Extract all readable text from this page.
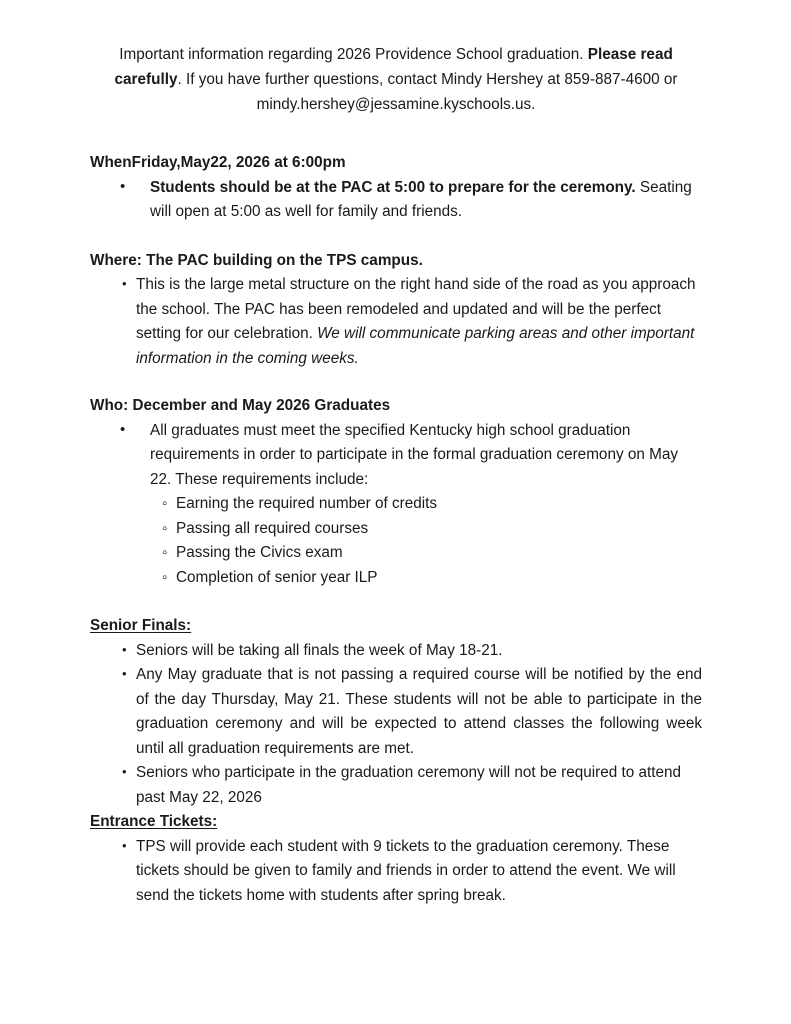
Important information regarding 2026 Providence School graduation. Please read carefully. If you have further questions, contact Mindy Hershey at 859-887-4600 or mindy.hershey@jessamine.kyschools.us.

WhenFriday,May22, 2026 at 6:00pm
• Students should be at the PAC at 5:00 to prepare for the ceremony. Seating will open at 5:00 as well for family and friends.
Where: The PAC building on the TPS campus.
• This is the large metal structure on the right hand side of the road as you approach the school. The PAC has been remodeled and updated and will be the perfect setting for our celebration. We will communicate parking areas and other important information in the coming weeks.
Who: December and May 2026 Graduates
• All graduates must meet the specified Kentucky high school graduation requirements in order to participate in the formal graduation ceremony on May 22. These requirements include:
◦ Earning the required number of credits
◦ Passing all required courses
◦ Passing the Civics exam
◦ Completion of senior year ILP
Senior Finals:
• Seniors will be taking all finals the week of May 18-21.
• Any May graduate that is not passing a required course will be notified by the end of the day Thursday, May 21. These students will not be able to participate in the graduation ceremony and will be expected to attend classes the following week until all graduation requirements are met.
• Seniors who participate in the graduation ceremony will not be required to attend past May 22, 2026
Entrance Tickets:
• TPS will provide each student with 9 tickets to the graduation ceremony. These tickets should be given to family and friends in order to attend the event. We will send the tickets home with students after spring break.
